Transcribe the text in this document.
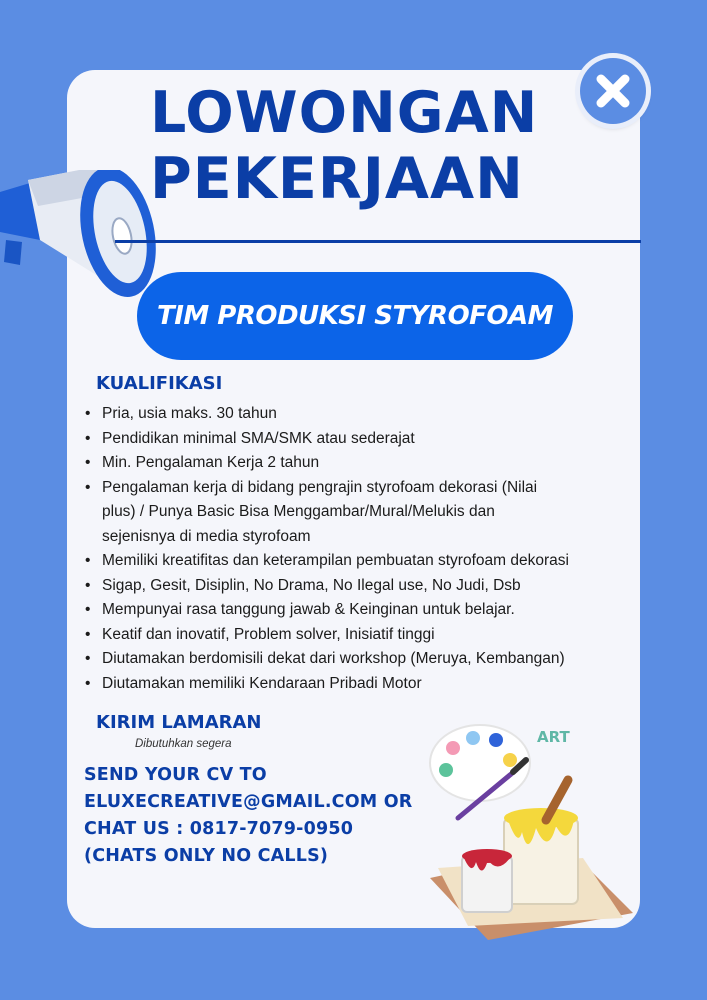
LOWONGAN
PEKERJAAN
TIM PRODUKSI STYROFOAM
KUALIFIKASI
• Pria, usia maks. 30 tahun
• Pendidikan minimal SMA/SMK atau sederajat
• Min. Pengalaman Kerja 2 tahun
• Pengalaman kerja di bidang pengrajin styrofoam dekorasi (Nilai
plus) / Punya Basic Bisa Menggambar/Mural/Melukis dan
sejenisnya di media styrofoam
• Memiliki kreatifitas dan keterampilan pembuatan styrofoam dekorasi
• Sigap, Gesit, Disiplin, No Drama, No Ilegal use, No Judi, Dsb
• Mempunyai rasa tanggung jawab & Keinginan untuk belajar.
• Keatif dan inovatif, Problem solver, Inisiatif tinggi
• Diutamakan berdomisili dekat dari workshop (Meruya, Kembangan)
• Diutamakan memiliki Kendaraan Pribadi Motor
KIRIM LAMARAN
Dibutuhkan segera
SEND YOUR CV TO
ELUXECREATIVE@GMAIL.COM OR
CHAT US : 0817-7079-0950
(CHATS ONLY NO CALLS)
ART
